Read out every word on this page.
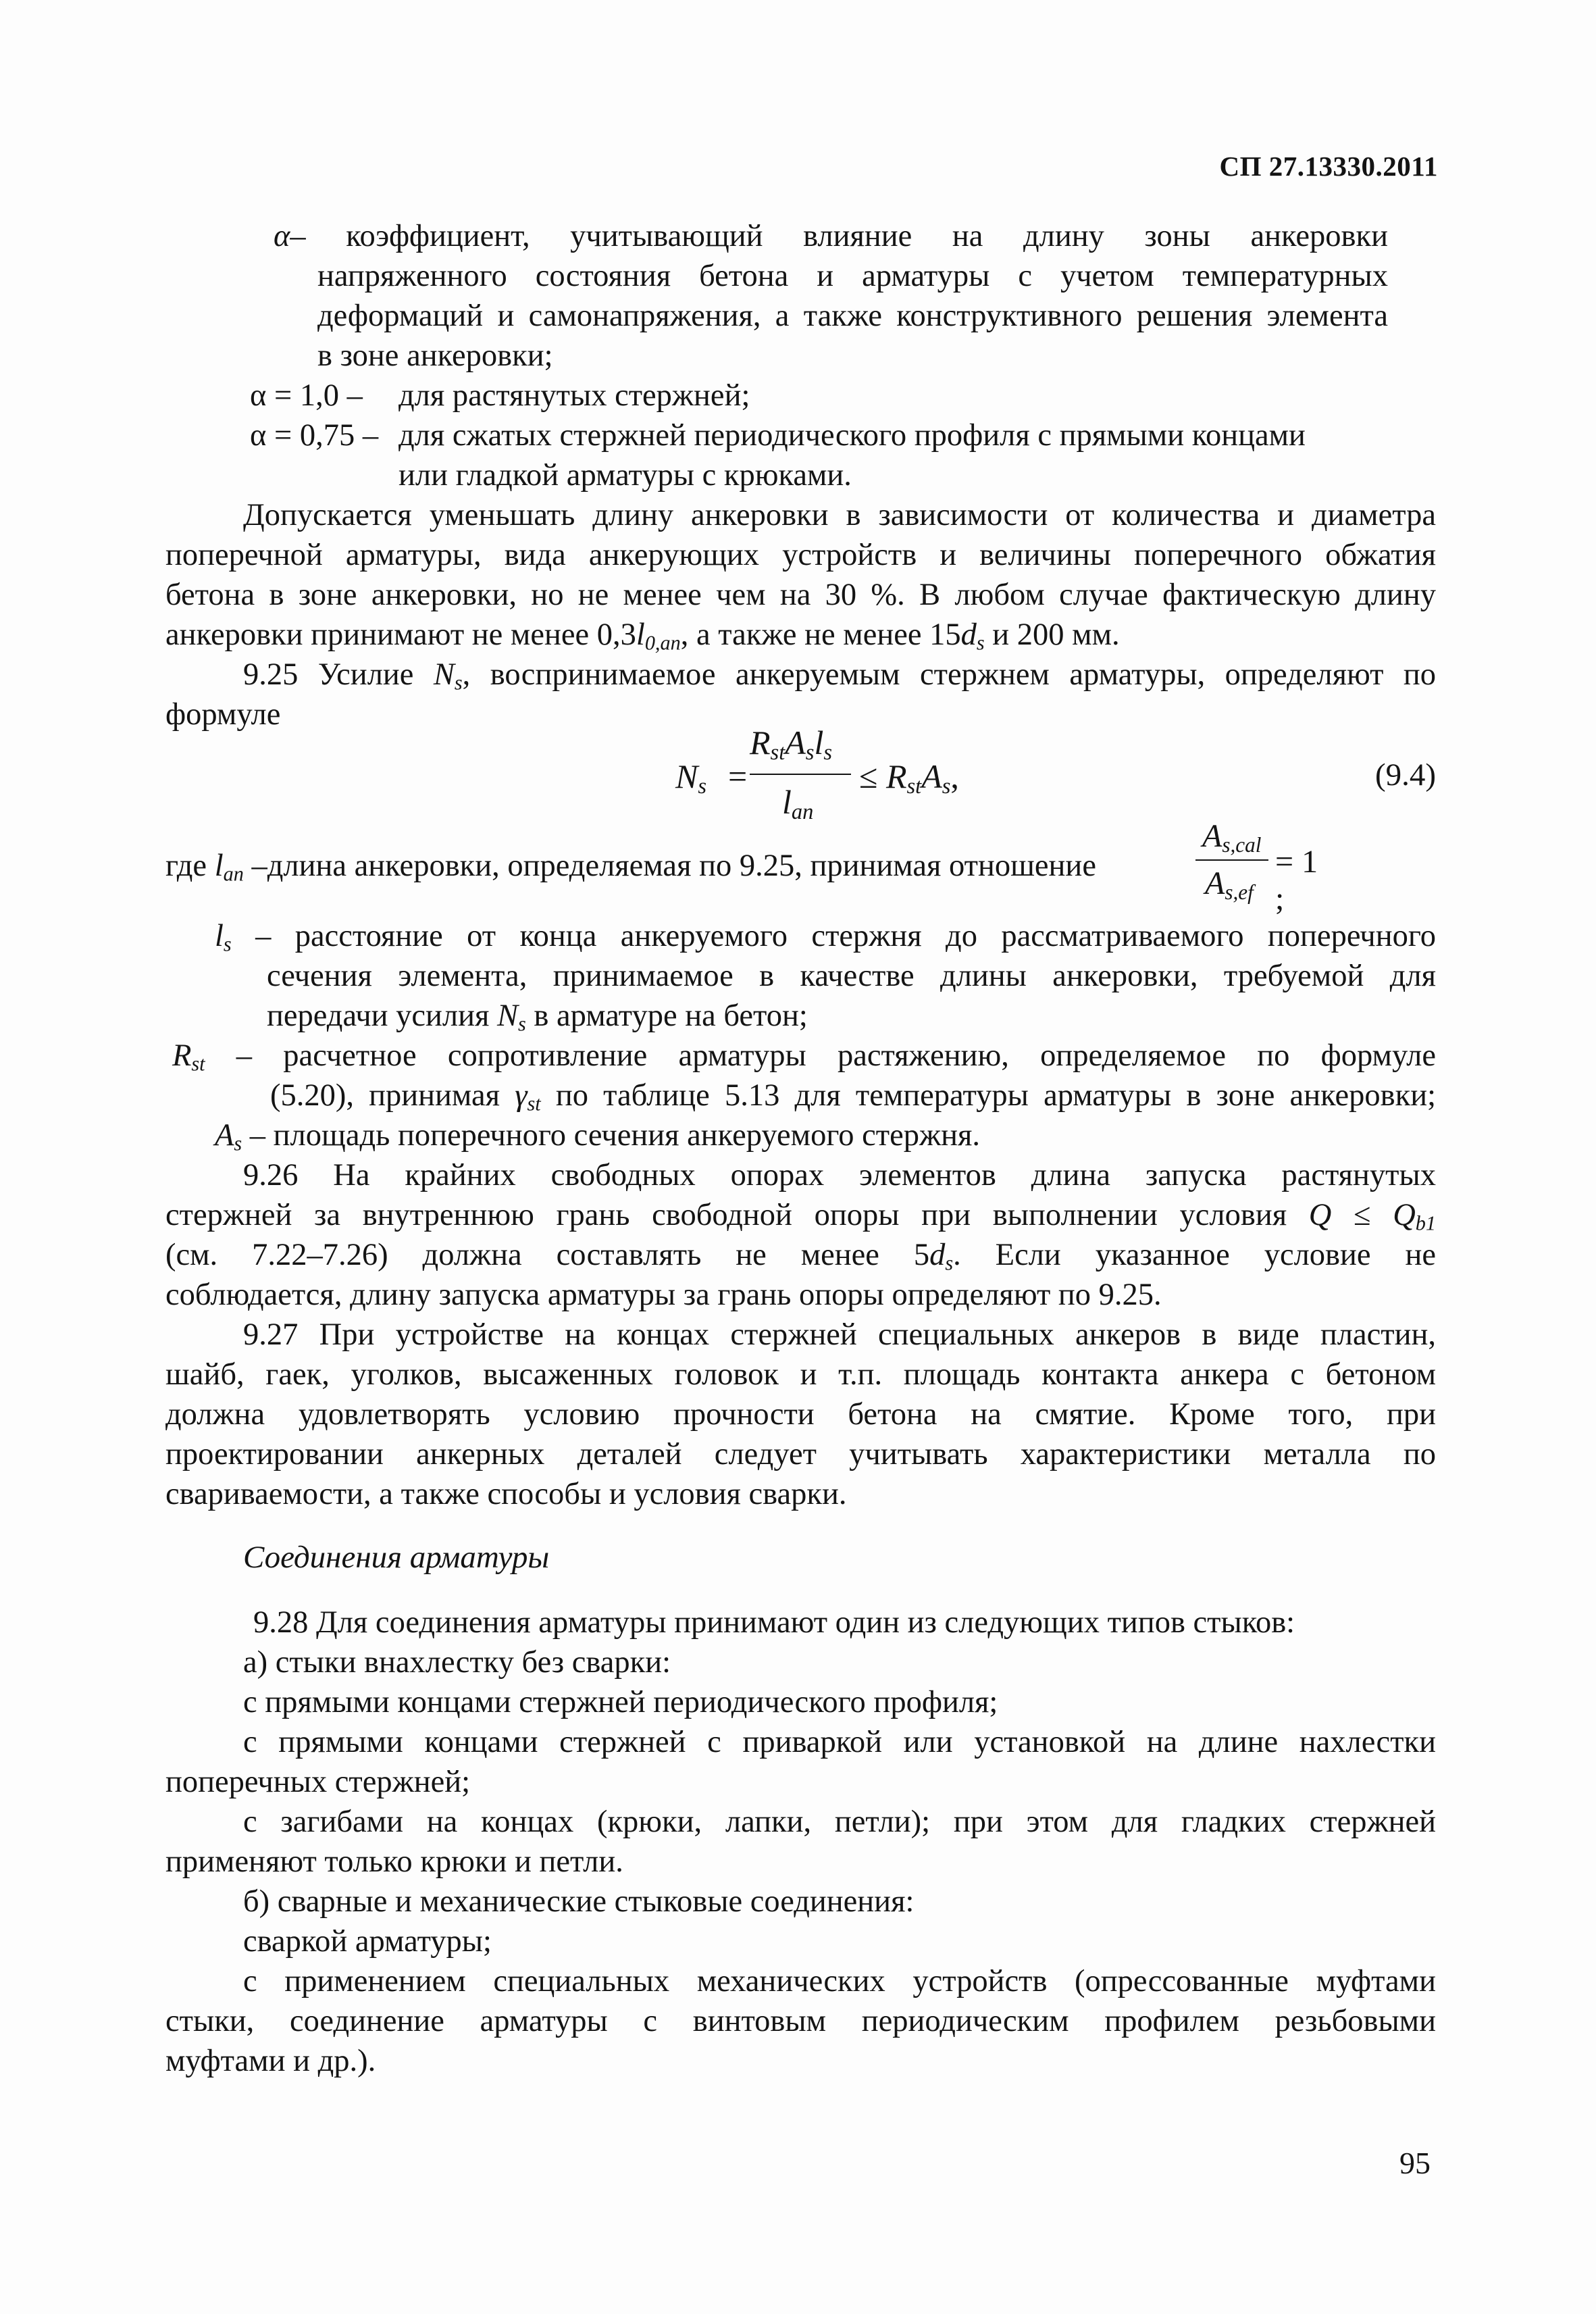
СП 27.13330.2011
α– коэффициент, учитывающий влияние на длину зоны анкеровки
напряженного состояния бетона и арматуры с учетом температурных
деформаций и самонапряжения, а также конструктивного решения элемента
в зоне анкеровки;
α = 1,0 – для растянутых стержней;
α = 0,75 – для сжатых стержней периодического профиля с прямыми концами
или гладкой арматуры с крюками.
Допускается уменьшать длину анкеровки в зависимости от количества и диаметра
поперечной арматуры, вида анкерующих устройств и величины поперечного обжатия
бетона в зоне анкеровки, но не менее чем на 30 %. В любом случае фактическую длину
анкеровки принимают не менее $0,3l_{0,an}$, а также не менее $15d_s$ и 200 мм.
9.25 Усилие $N_s$, воспринимаемое анкеруемым стержнем арматуры, определяют по
формуле
$N_s$ =
$R_{st}A_sl_s$
$l_{an}$
≤ $R_{st}A_s$,	(9.4)
где $l_{an}$ –длина анкеровки, определяемая по 9.25, принимая отношение
$A_{s,cal}$
$A_{s,ef}$
= 1 ;
$l_s$ – расстояние от конца анкеруемого стержня до рассматриваемого поперечного
сечения элемента, принимаемое в качестве длины анкеровки, требуемой для
передачи усилия $N_s$ в арматуре на бетон;
$R_{st}$ – расчетное сопротивление арматуры растяжению, определяемое по формуле
(5.20), принимая $\gamma_{st}$ по таблице 5.13 для температуры арматуры в зоне анкеровки;
$A_s$ – площадь поперечного сечения анкеруемого стержня.
9.26 На крайних свободных опорах элементов длина запуска растянутых
стержней за внутреннюю грань свободной опоры при выполнении условия $Q \le Q_{b1}$
(см. 7.22–7.26) должна составлять не менее $5d_s$. Если указанное условие не
соблюдается, длину запуска арматуры за грань опоры определяют по 9.25.
9.27 При устройстве на концах стержней специальных анкеров в виде пластин,
шайб, гаек, уголков, высаженных головок и т.п. площадь контакта анкера с бетоном
должна удовлетворять условию прочности бетона на смятие. Кроме того, при
проектировании анкерных деталей следует учитывать характеристики металла по
свариваемости, а также способы и условия сварки.
Соединения арматуры
9.28 Для соединения арматуры принимают один из следующих типов стыков:
а) стыки внахлестку без сварки:
с прямыми концами стержней периодического профиля;
с прямыми концами стержней с приваркой или установкой на длине нахлестки
поперечных стержней;
с загибами на концах (крюки, лапки, петли); при этом для гладких стержней
применяют только крюки и петли.
б) сварные и механические стыковые соединения:
сваркой арматуры;
с применением специальных механических устройств (опрессованные муфтами
стыки, соединение арматуры с винтовым периодическим профилем резьбовыми
муфтами и др.).
95
